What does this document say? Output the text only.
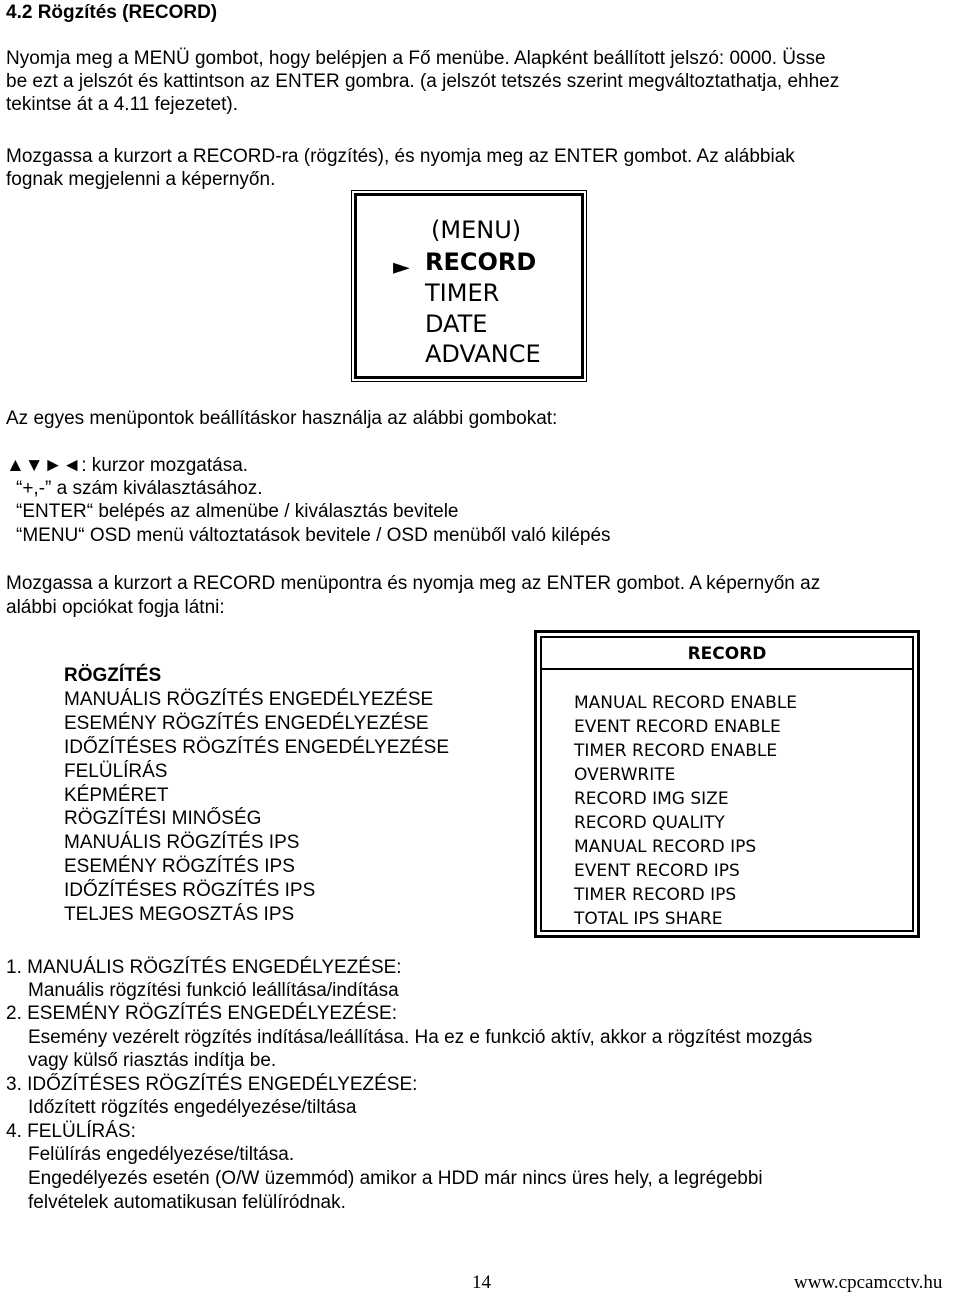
4.2 Rögzítés (RECORD)
Nyomja meg a MENÜ gombot, hogy belépjen a Fő menübe. Alapként beállított jelszó: 0000. Üsse
be ezt a jelszót és kattintson az ENTER gombra. (a jelszót tetszés szerint megváltoztathatja, ehhez
tekintse át a 4.11 fejezetet).
Mozgassa a kurzort a RECORD-ra (rögzítés), és nyomja meg az ENTER gombot. Az alábbiak
fognak megjelenni a képernyőn.
(MENU)
► RECORD
TIMER
DATE
ADVANCE
Az egyes menüpontok beállításkor használja az alábbi gombokat:
▲▼►◄: kurzor mozgatása.
“+,-” a szám kiválasztásához.
“ENTER“ belépés az almenübe / kiválasztás bevitele
“MENU“ OSD menü változtatások bevitele / OSD menüből való kilépés
Mozgassa a kurzort a RECORD menüpontra és nyomja meg az ENTER gombot. A képernyőn az
alábbi opciókat fogja látni:
RÖGZÍTÉS
MANUÁLIS RÖGZÍTÉS ENGEDÉLYEZÉSE
ESEMÉNY RÖGZÍTÉS ENGEDÉLYEZÉSE
IDŐZÍTÉSES RÖGZÍTÉS ENGEDÉLYEZÉSE
FELÜLÍRÁS
KÉPMÉRET
RÖGZÍTÉSI MINŐSÉG
MANUÁLIS RÖGZÍTÉS IPS
ESEMÉNY RÖGZÍTÉS IPS
IDŐZÍTÉSES RÖGZÍTÉS IPS
TELJES MEGOSZTÁS IPS
RECORD
MANUAL RECORD ENABLE
EVENT RECORD ENABLE
TIMER RECORD ENABLE
OVERWRITE
RECORD IMG SIZE
RECORD QUALITY
MANUAL RECORD IPS
EVENT RECORD IPS
TIMER RECORD IPS
TOTAL IPS SHARE
1. MANUÁLIS RÖGZÍTÉS ENGEDÉLYEZÉSE:
Manuális rögzítési funkció leállítása/indítása
2. ESEMÉNY RÖGZÍTÉS ENGEDÉLYEZÉSE:
Esemény vezérelt rögzítés indítása/leállítása. Ha ez e funkció aktív, akkor a rögzítést mozgás
vagy külső riasztás indítja be.
3. IDŐZÍTÉSES RÖGZÍTÉS ENGEDÉLYEZÉSE:
Időzített rögzítés engedélyezése/tiltása
4. FELÜLÍRÁS:
Felülírás engedélyezése/tiltása.
Engedélyezés esetén (O/W üzemmód) amikor a HDD már nincs üres hely, a legrégebbi
felvételek automatikusan felülíródnak.
14	www.cpcamcctv.hu
